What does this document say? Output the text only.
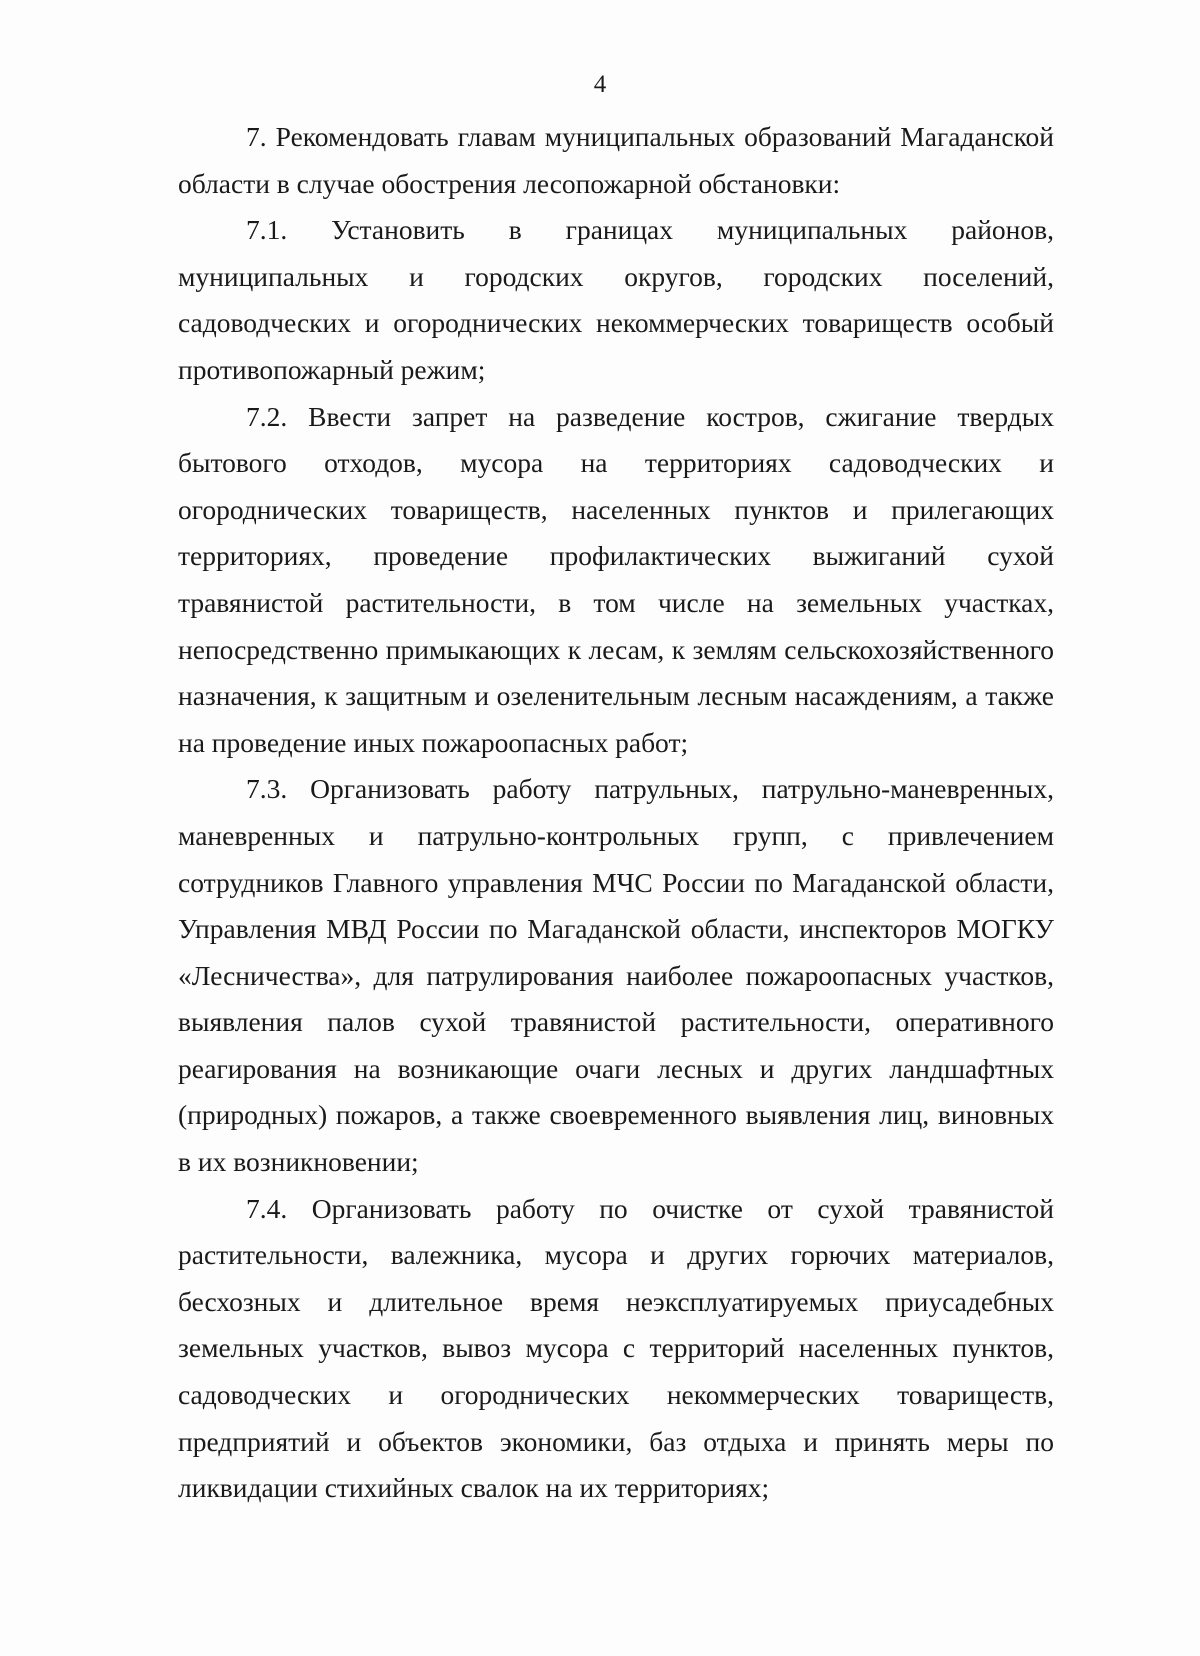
4

7. Рекомендовать главам муниципальных образований Магаданской области в случае обострения лесопожарной обстановки:

7.1. Установить в границах муниципальных районов, муниципальных и городских округов, городских поселений, садоводческих и огороднических некоммерческих товариществ особый противопожарный режим;

7.2. Ввести запрет на разведение костров, сжигание твердых бытового отходов, мусора на территориях садоводческих и огороднических товариществ, населенных пунктов и прилегающих территориях, проведение профилактических выжиганий сухой травянистой растительности, в том числе на земельных участках, непосредственно примыкающих к лесам, к землям сельскохозяйственного назначения, к защитным и озеленительным лесным насаждениям, а также на проведение иных пожароопасных работ;

7.3. Организовать работу патрульных, патрульно-маневренных, маневренных и патрульно-контрольных групп, с привлечением сотрудников Главного управления МЧС России по Магаданской области, Управления МВД России по Магаданской области, инспекторов МОГКУ «Лесничества», для патрулирования наиболее пожароопасных участков, выявления палов сухой травянистой растительности, оперативного реагирования на возникающие очаги лесных и других ландшафтных (природных) пожаров, а также своевременного выявления лиц, виновных в их возникновении;

7.4. Организовать работу по очистке от сухой травянистой растительности, валежника, мусора и других горючих материалов, бесхозных и длительное время неэксплуатируемых приусадебных земельных участков, вывоз мусора с территорий населенных пунктов, садоводческих и огороднических некоммерческих товариществ, предприятий и объектов экономики, баз отдыха и принять меры по ликвидации стихийных свалок на их территориях;
